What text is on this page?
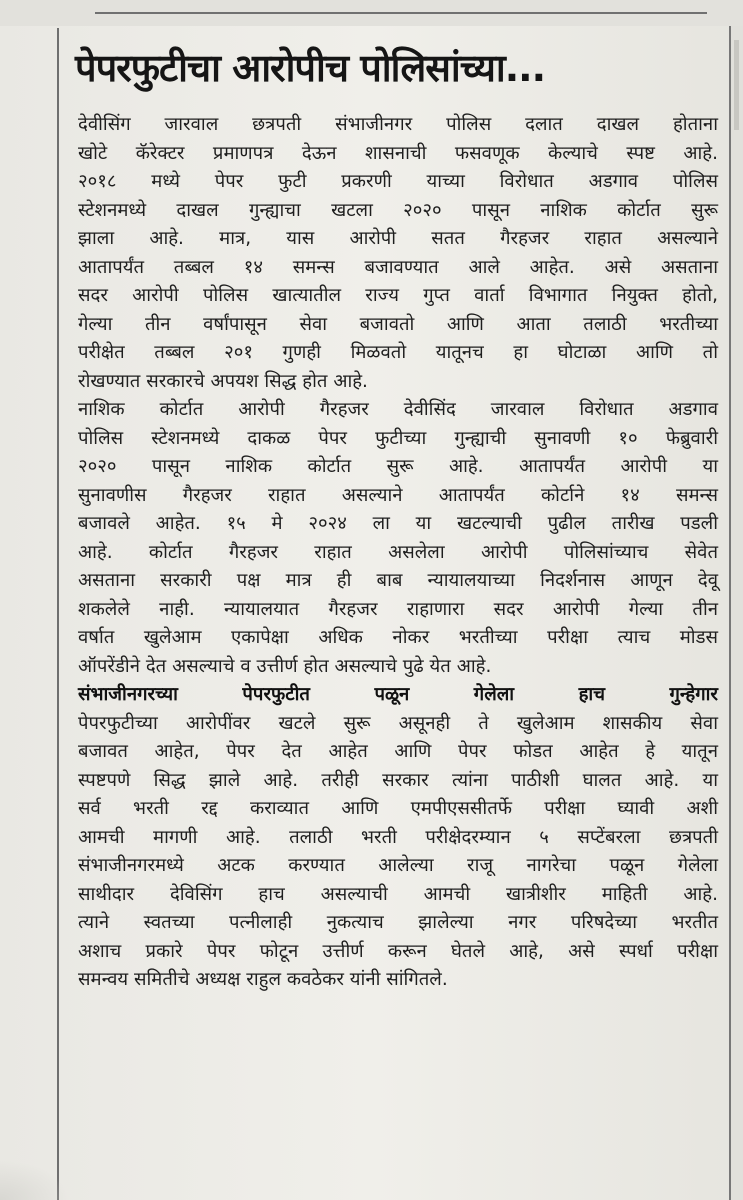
पेपरफुटीचा आरोपीच पोलिसांच्या...
देवीसिंग जारवाल छत्रपती संभाजीनगर पोलिस दलात दाखल होताना
खोटे कॅरेक्टर प्रमाणपत्र देऊन शासनाची फसवणूक केल्याचे स्पष्ट आहे.
२०१८ मध्ये पेपर फुटी प्रकरणी याच्या विरोधात अडगाव पोलिस
स्टेशनमध्ये दाखल गुन्ह्याचा खटला २०२० पासून नाशिक कोर्टात सुरू
झाला आहे. मात्र, यास आरोपी सतत गैरहजर राहात असल्याने
आतापर्यंत तब्बल १४ समन्स बजावण्यात आले आहेत. असे असताना
सदर आरोपी पोलिस खात्यातील राज्य गुप्त वार्ता विभागात नियुक्त होतो,
गेल्या तीन वर्षांपासून सेवा बजावतो आणि आता तलाठी भरतीच्या
परीक्षेत तब्बल २०१ गुणही मिळवतो यातूनच हा घोटाळा आणि तो
रोखण्यात सरकारचे अपयश सिद्ध होत आहे.
नाशिक कोर्टात आरोपी गैरहजर देवीसिंद जारवाल विरोधात अडगाव
पोलिस स्टेशनमध्ये दाकळ पेपर फुटीच्या गुन्ह्याची सुनावणी १० फेब्रुवारी
२०२० पासून नाशिक कोर्टात सुरू आहे. आतापर्यंत आरोपी या
सुनावणीस गैरहजर राहात असल्याने आतापर्यंत कोर्टाने १४ समन्स
बजावले आहेत. १५ मे २०२४ ला या खटल्याची पुढील तारीख पडली
आहे. कोर्टात गैरहजर राहात असलेला आरोपी पोलिसांच्याच सेवेत
असताना सरकारी पक्ष मात्र ही बाब न्यायालयाच्या निदर्शनास आणून देवू
शकलेले नाही. न्यायालयात गैरहजर राहाणारा सदर आरोपी गेल्या तीन
वर्षात खुलेआम एकापेक्षा अधिक नोकर भरतीच्या परीक्षा त्याच मोडस
ऑपरेंडीने देत असल्याचे व उत्तीर्ण होत असल्याचे पुढे येत आहे.
संभाजीनगरच्या पेपरफुटीत पळून गेलेला हाच गुन्हेगार
पेपरफुटीच्या आरोपींवर खटले सुरू असूनही ते खुलेआम शासकीय सेवा
बजावत आहेत, पेपर देत आहेत आणि पेपर फोडत आहेत हे यातून
स्पष्टपणे सिद्ध झाले आहे. तरीही सरकार त्यांना पाठीशी घालत आहे. या
सर्व भरती रद्द कराव्यात आणि एमपीएससीतर्फे परीक्षा घ्यावी अशी
आमची मागणी आहे. तलाठी भरती परीक्षेदरम्यान ५ सप्टेंबरला छत्रपती
संभाजीनगरमध्ये अटक करण्यात आलेल्या राजू नागरेचा पळून गेलेला
साथीदार देविसिंग हाच असल्याची आमची खात्रीशीर माहिती आहे.
त्याने स्वतच्या पत्नीलाही नुकत्याच झालेल्या नगर परिषदेच्या भरतीत
अशाच प्रकारे पेपर फोटून उत्तीर्ण करून घेतले आहे, असे स्पर्धा परीक्षा
समन्वय समितीचे अध्यक्ष राहुल कवठेकर यांनी सांगितले.
